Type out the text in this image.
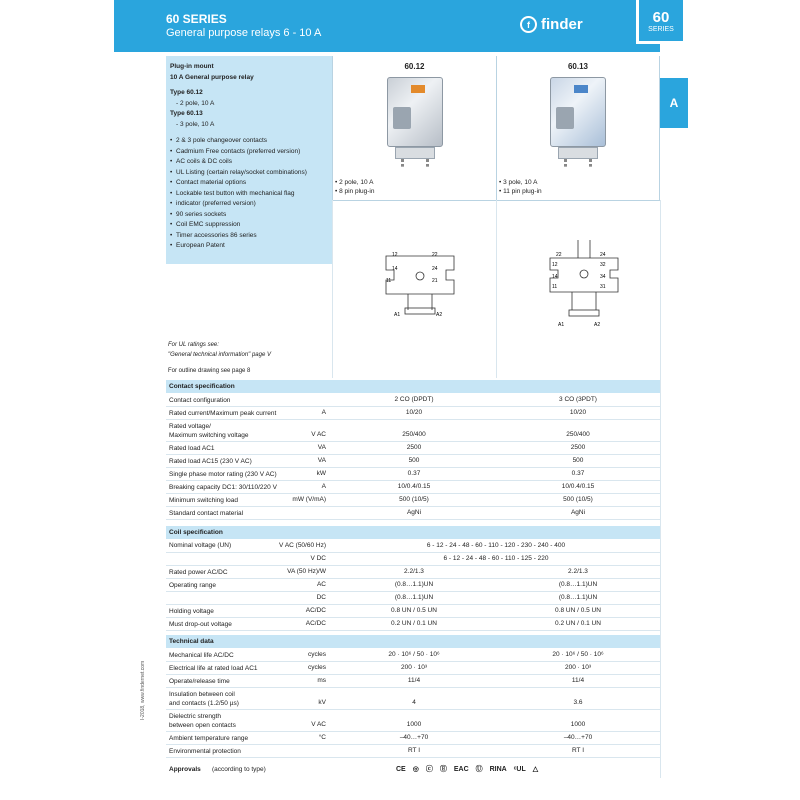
60 SERIES
General purpose relays 6 - 10 A
f finder	60
SERIES
A
Plug-in mount
10 A General purpose relay
Type 60.12
- 2 pole, 10 A
Type 60.13
- 3 pole, 10 A
• 2 & 3 pole changeover contacts
• Cadmium Free contacts (preferred version)
• AC coils & DC coils
• UL Listing (certain relay/socket combinations)
• Contact material options
• Lockable test button with mechanical flag
• indicator (preferred version)
• 90 series sockets
• Coil EMC suppression
• Timer accessories 86 series
• European Patent
60.12
• 2 pole, 10 A
• 8 pin plug-in
60.13
• 3 pole, 10 A
• 11 pin plug-in
12	22
14	24
11	21
A1	A2
22	24
12	32
14	34
11	31
A1	A2
For UL ratings see:
"General technical information" page V
For outline drawing see page 8
Contact specification
Contact configuration	2 CO (DPDT)	3 CO (3PDT)
Rated current/Maximum peak current	A	10/20	10/20
Rated voltage/
Maximum switching voltage	V AC	250/400	250/400
Rated load AC1	VA	2500	2500
Rated load AC15 (230 V AC)	VA	500	500
Single phase motor rating (230 V AC)	kW	0.37	0.37
Breaking capacity DC1: 30/110/220 V	A	10/0.4/0.15	10/0.4/0.15
Minimum switching load	mW (V/mA)	500 (10/5)	500 (10/5)
Standard contact material	AgNi	AgNi
Coil specification
Nominal voltage (UN)	V AC (50/60 Hz)	6 - 12 - 24 - 48 - 60 - 110 - 120 - 230 - 240 - 400
V DC	6 - 12 - 24 - 48 - 60 - 110 - 125 - 220
Rated power AC/DC	VA (50 Hz)/W	2.2/1.3	2.2/1.3
Operating range	AC	(0.8…1.1)UN	(0.8…1.1)UN
DC	(0.8…1.1)UN	(0.8…1.1)UN
Holding voltage	AC/DC	0.8 UN / 0.5 UN	0.8 UN / 0.5 UN
Must drop-out voltage	AC/DC	0.2 UN / 0.1 UN	0.2 UN / 0.1 UN
Technical data
Mechanical life AC/DC	cycles	20 · 10⁶ / 50 · 10⁶	20 · 10⁶ / 50 · 10⁶
Electrical life at rated load AC1	cycles	200 · 10³	200 · 10³
Operate/release time	ms	11/4	11/4
Insulation between coil
and contacts (1.2/50 µs)	kV	4	3.6
Dielectric strength
between open contacts	V AC	1000	1000
Ambient temperature range	°C	–40…+70	–40…+70
Environmental protection	RT I	RT I
Approvals (according to type)	CE ◎ ⓒ Ⓔ EAC Ⓤ RINA ᶜUL △
I-2018, www.findernet.com
